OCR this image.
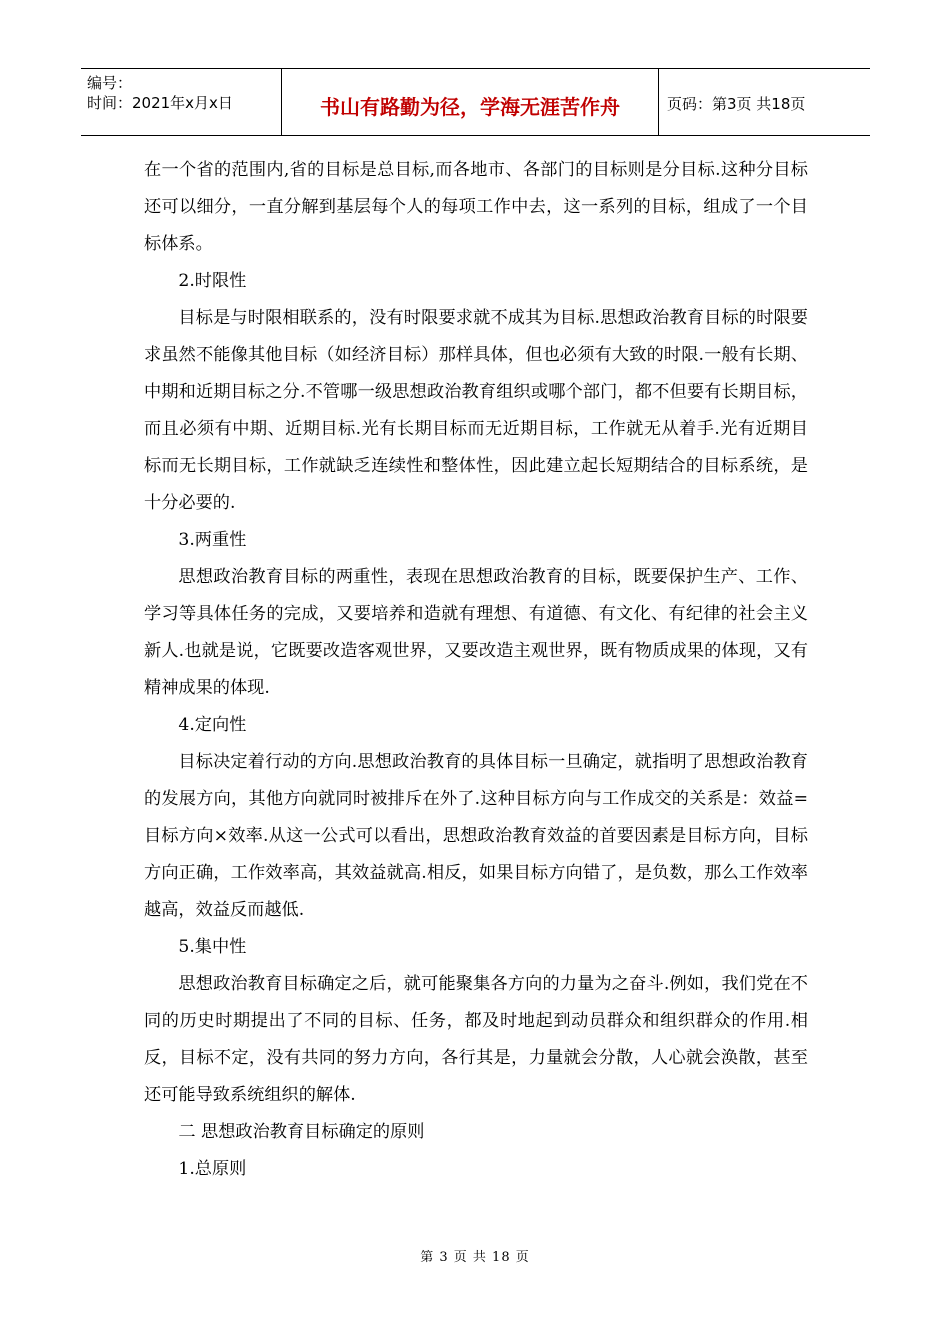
编号：
时间：2021年x月x日	书山有路勤为径，学海无涯苦作舟	页码：第3页 共18页

在一个省的范围内,省的目标是总目标,而各地市、各部门的目标则是分目标.这种分目标还可以细分，一直分解到基层每个人的每项工作中去，这一系列的目标，组成了一个目标体系。

2.时限性

目标是与时限相联系的，没有时限要求就不成其为目标.思想政治教育目标的时限要求虽然不能像其他目标（如经济目标）那样具体，但也必须有大致的时限.一般有长期、中期和近期目标之分.不管哪一级思想政治教育组织或哪个部门，都不但要有长期目标，而且必须有中期、近期目标.光有长期目标而无近期目标，工作就无从着手.光有近期目标而无长期目标，工作就缺乏连续性和整体性，因此建立起长短期结合的目标系统，是十分必要的.

3.两重性

思想政治教育目标的两重性，表现在思想政治教育的目标，既要保护生产、工作、学习等具体任务的完成，又要培养和造就有理想、有道德、有文化、有纪律的社会主义新人.也就是说，它既要改造客观世界，又要改造主观世界，既有物质成果的体现，又有精神成果的体现.

4.定向性

目标决定着行动的方向.思想政治教育的具体目标一旦确定，就指明了思想政治教育的发展方向，其他方向就同时被排斥在外了.这种目标方向与工作成交的关系是：效益=目标方向×效率.从这一公式可以看出，思想政治教育效益的首要因素是目标方向，目标方向正确，工作效率高，其效益就高.相反，如果目标方向错了，是负数，那么工作效率越高，效益反而越低.

5.集中性

思想政治教育目标确定之后，就可能聚集各方向的力量为之奋斗.例如，我们党在不同的历史时期提出了不同的目标、任务，都及时地起到动员群众和组织群众的作用.相反，目标不定，没有共同的努力方向，各行其是，力量就会分散，人心就会涣散，甚至还可能导致系统组织的解体.

二 思想政治教育目标确定的原则

1.总原则

第 3 页 共 18 页
